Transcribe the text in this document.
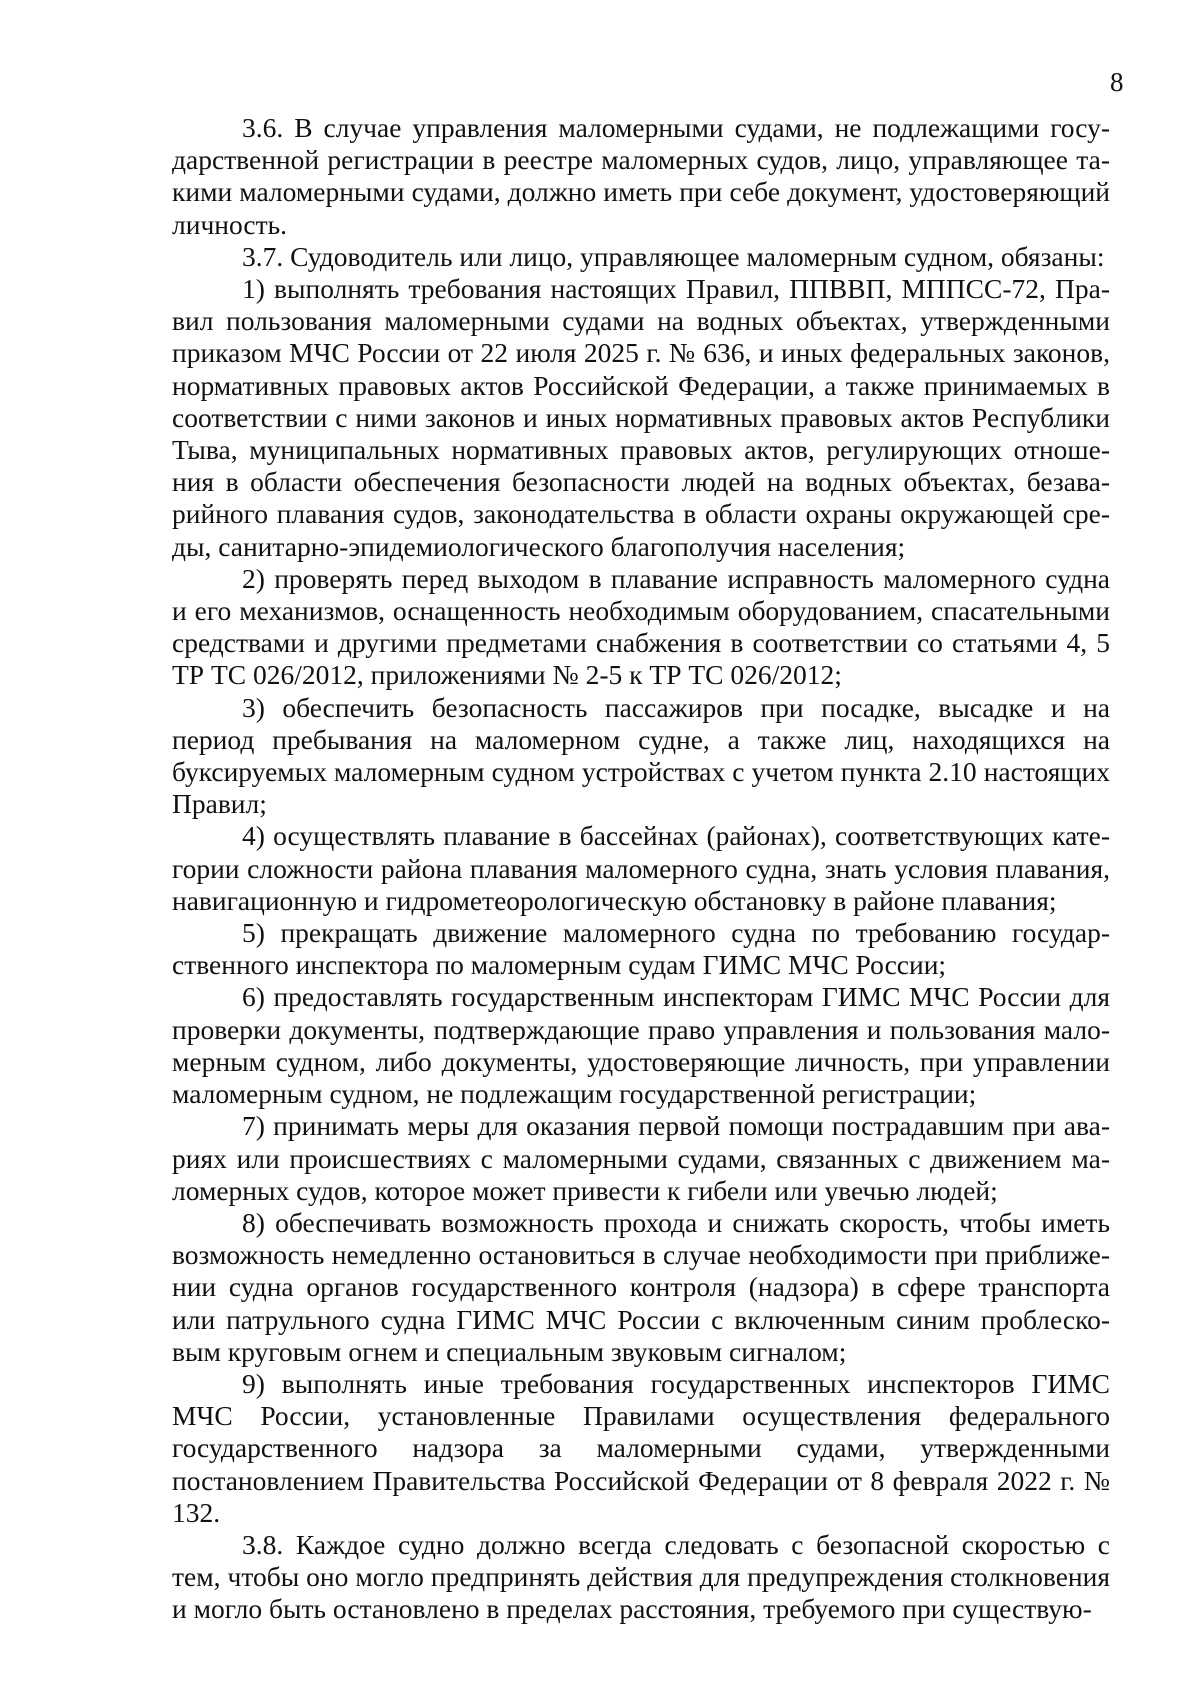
8

3.6. В случае управления маломерными судами, не подлежащими государственной регистрации в реестре маломерных судов, лицо, управляющее такими маломерными судами, должно иметь при себе документ, удостоверяющий личность.

3.7. Судоводитель или лицо, управляющее маломерным судном, обязаны:

1) выполнять требования настоящих Правил, ППВВП, МППСС-72, Правил пользования маломерными судами на водных объектах, утвержденными приказом МЧС России от 22 июля 2025 г. № 636, и иных федеральных законов, нормативных правовых актов Российской Федерации, а также принимаемых в соответствии с ними законов и иных нормативных правовых актов Республики Тыва, муниципальных нормативных правовых актов, регулирующих отношения в области обеспечения безопасности людей на водных объектах, безаварийного плавания судов, законодательства в области охраны окружающей среды, санитарно-эпидемиологического благополучия населения;

2) проверять перед выходом в плавание исправность маломерного судна и его механизмов, оснащенность необходимым оборудованием, спасательными средствами и другими предметами снабжения в соответствии со статьями 4, 5 ТР ТС 026/2012, приложениями № 2-5 к ТР ТС 026/2012;

3) обеспечить безопасность пассажиров при посадке, высадке и на период пребывания на маломерном судне, а также лиц, находящихся на буксируемых маломерным судном устройствах с учетом пункта 2.10 настоящих Правил;

4) осуществлять плавание в бассейнах (районах), соответствующих категории сложности района плавания маломерного судна, знать условия плавания, навигационную и гидрометеорологическую обстановку в районе плавания;

5) прекращать движение маломерного судна по требованию государственного инспектора по маломерным судам ГИМС МЧС России;

6) предоставлять государственным инспекторам ГИМС МЧС России для проверки документы, подтверждающие право управления и пользования маломерным судном, либо документы, удостоверяющие личность, при управлении маломерным судном, не подлежащим государственной регистрации;

7) принимать меры для оказания первой помощи пострадавшим при авариях или происшествиях с маломерными судами, связанных с движением маломерных судов, которое может привести к гибели или увечью людей;

8) обеспечивать возможность прохода и снижать скорость, чтобы иметь возможность немедленно остановиться в случае необходимости при приближении судна органов государственного контроля (надзора) в сфере транспорта или патрульного судна ГИМС МЧС России с включенным синим проблесковым круговым огнем и специальным звуковым сигналом;

9) выполнять иные требования государственных инспекторов ГИМС МЧС России, установленные Правилами осуществления федерального государственного надзора за маломерными судами, утвержденными постановлением Правительства Российской Федерации от 8 февраля 2022 г. № 132.

3.8. Каждое судно должно всегда следовать с безопасной скоростью с тем, чтобы оно могло предпринять действия для предупреждения столкновения и могло быть остановлено в пределах расстояния, требуемого при существую-
